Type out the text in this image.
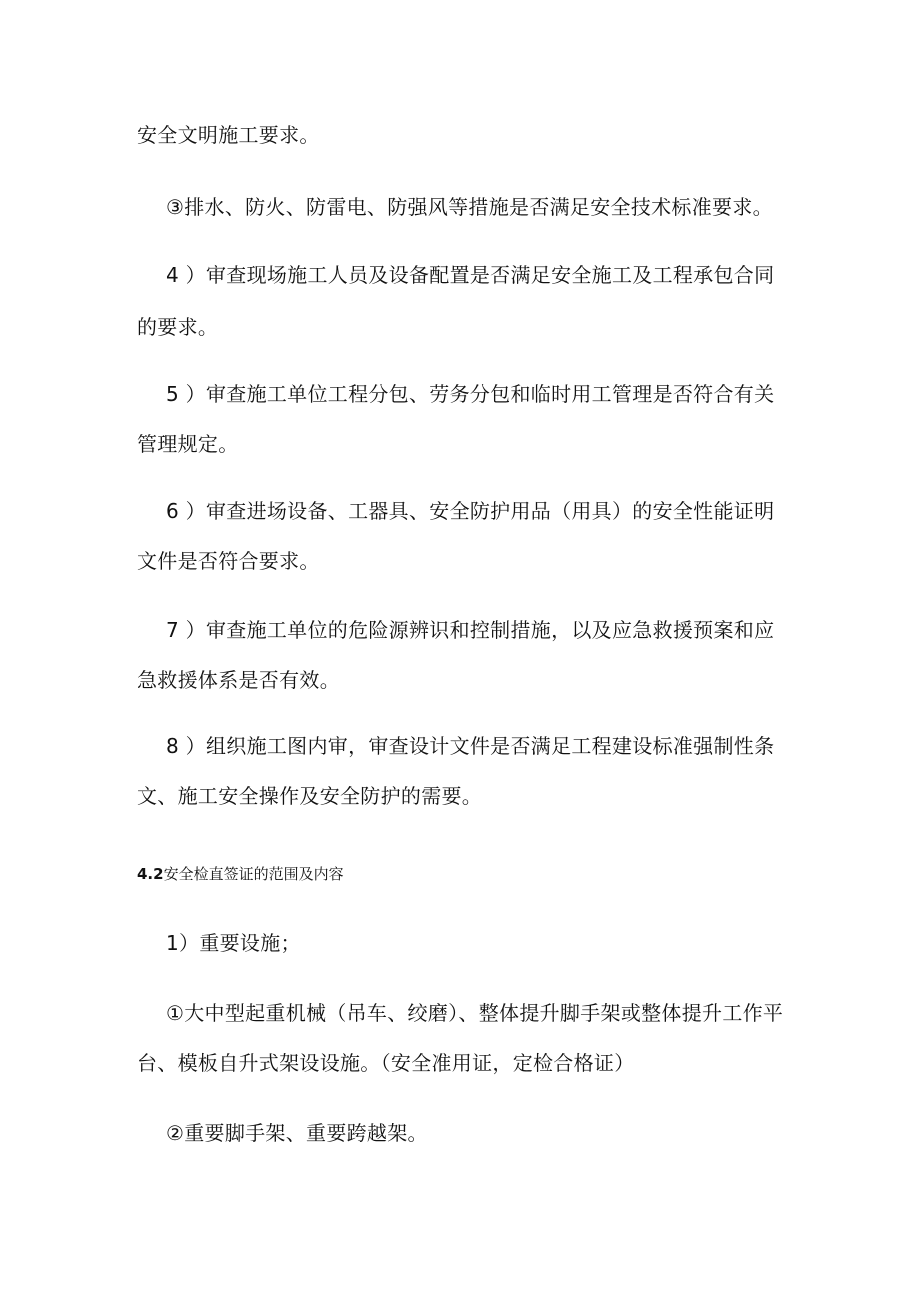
安全文明施工要求。
③排水、防火、防雷电、防强风等措施是否满足安全技术标准要求。
4 ）审查现场施工人员及设备配置是否满足安全施工及工程承包合同
的要求。
5 ）审查施工单位工程分包、劳务分包和临时用工管理是否符合有关
管理规定。
6 ）审查进场设备、工器具、安全防护用品（用具）的安全性能证明
文件是否符合要求。
7 ）审查施工单位的危险源辨识和控制措施，以及应急救援预案和应
急救援体系是否有效。
8 ）组织施工图内审，审查设计文件是否满足工程建设标准强制性条
文、施工安全操作及安全防护的需要。
4.2安全检直签证的范围及内容
1）重要设施；
①大中型起重机械（吊车、绞磨）、整体提升脚手架或整体提升工作平
台、模板自升式架设设施。（安全准用证，定检合格证）
②重要脚手架、重要跨越架。
